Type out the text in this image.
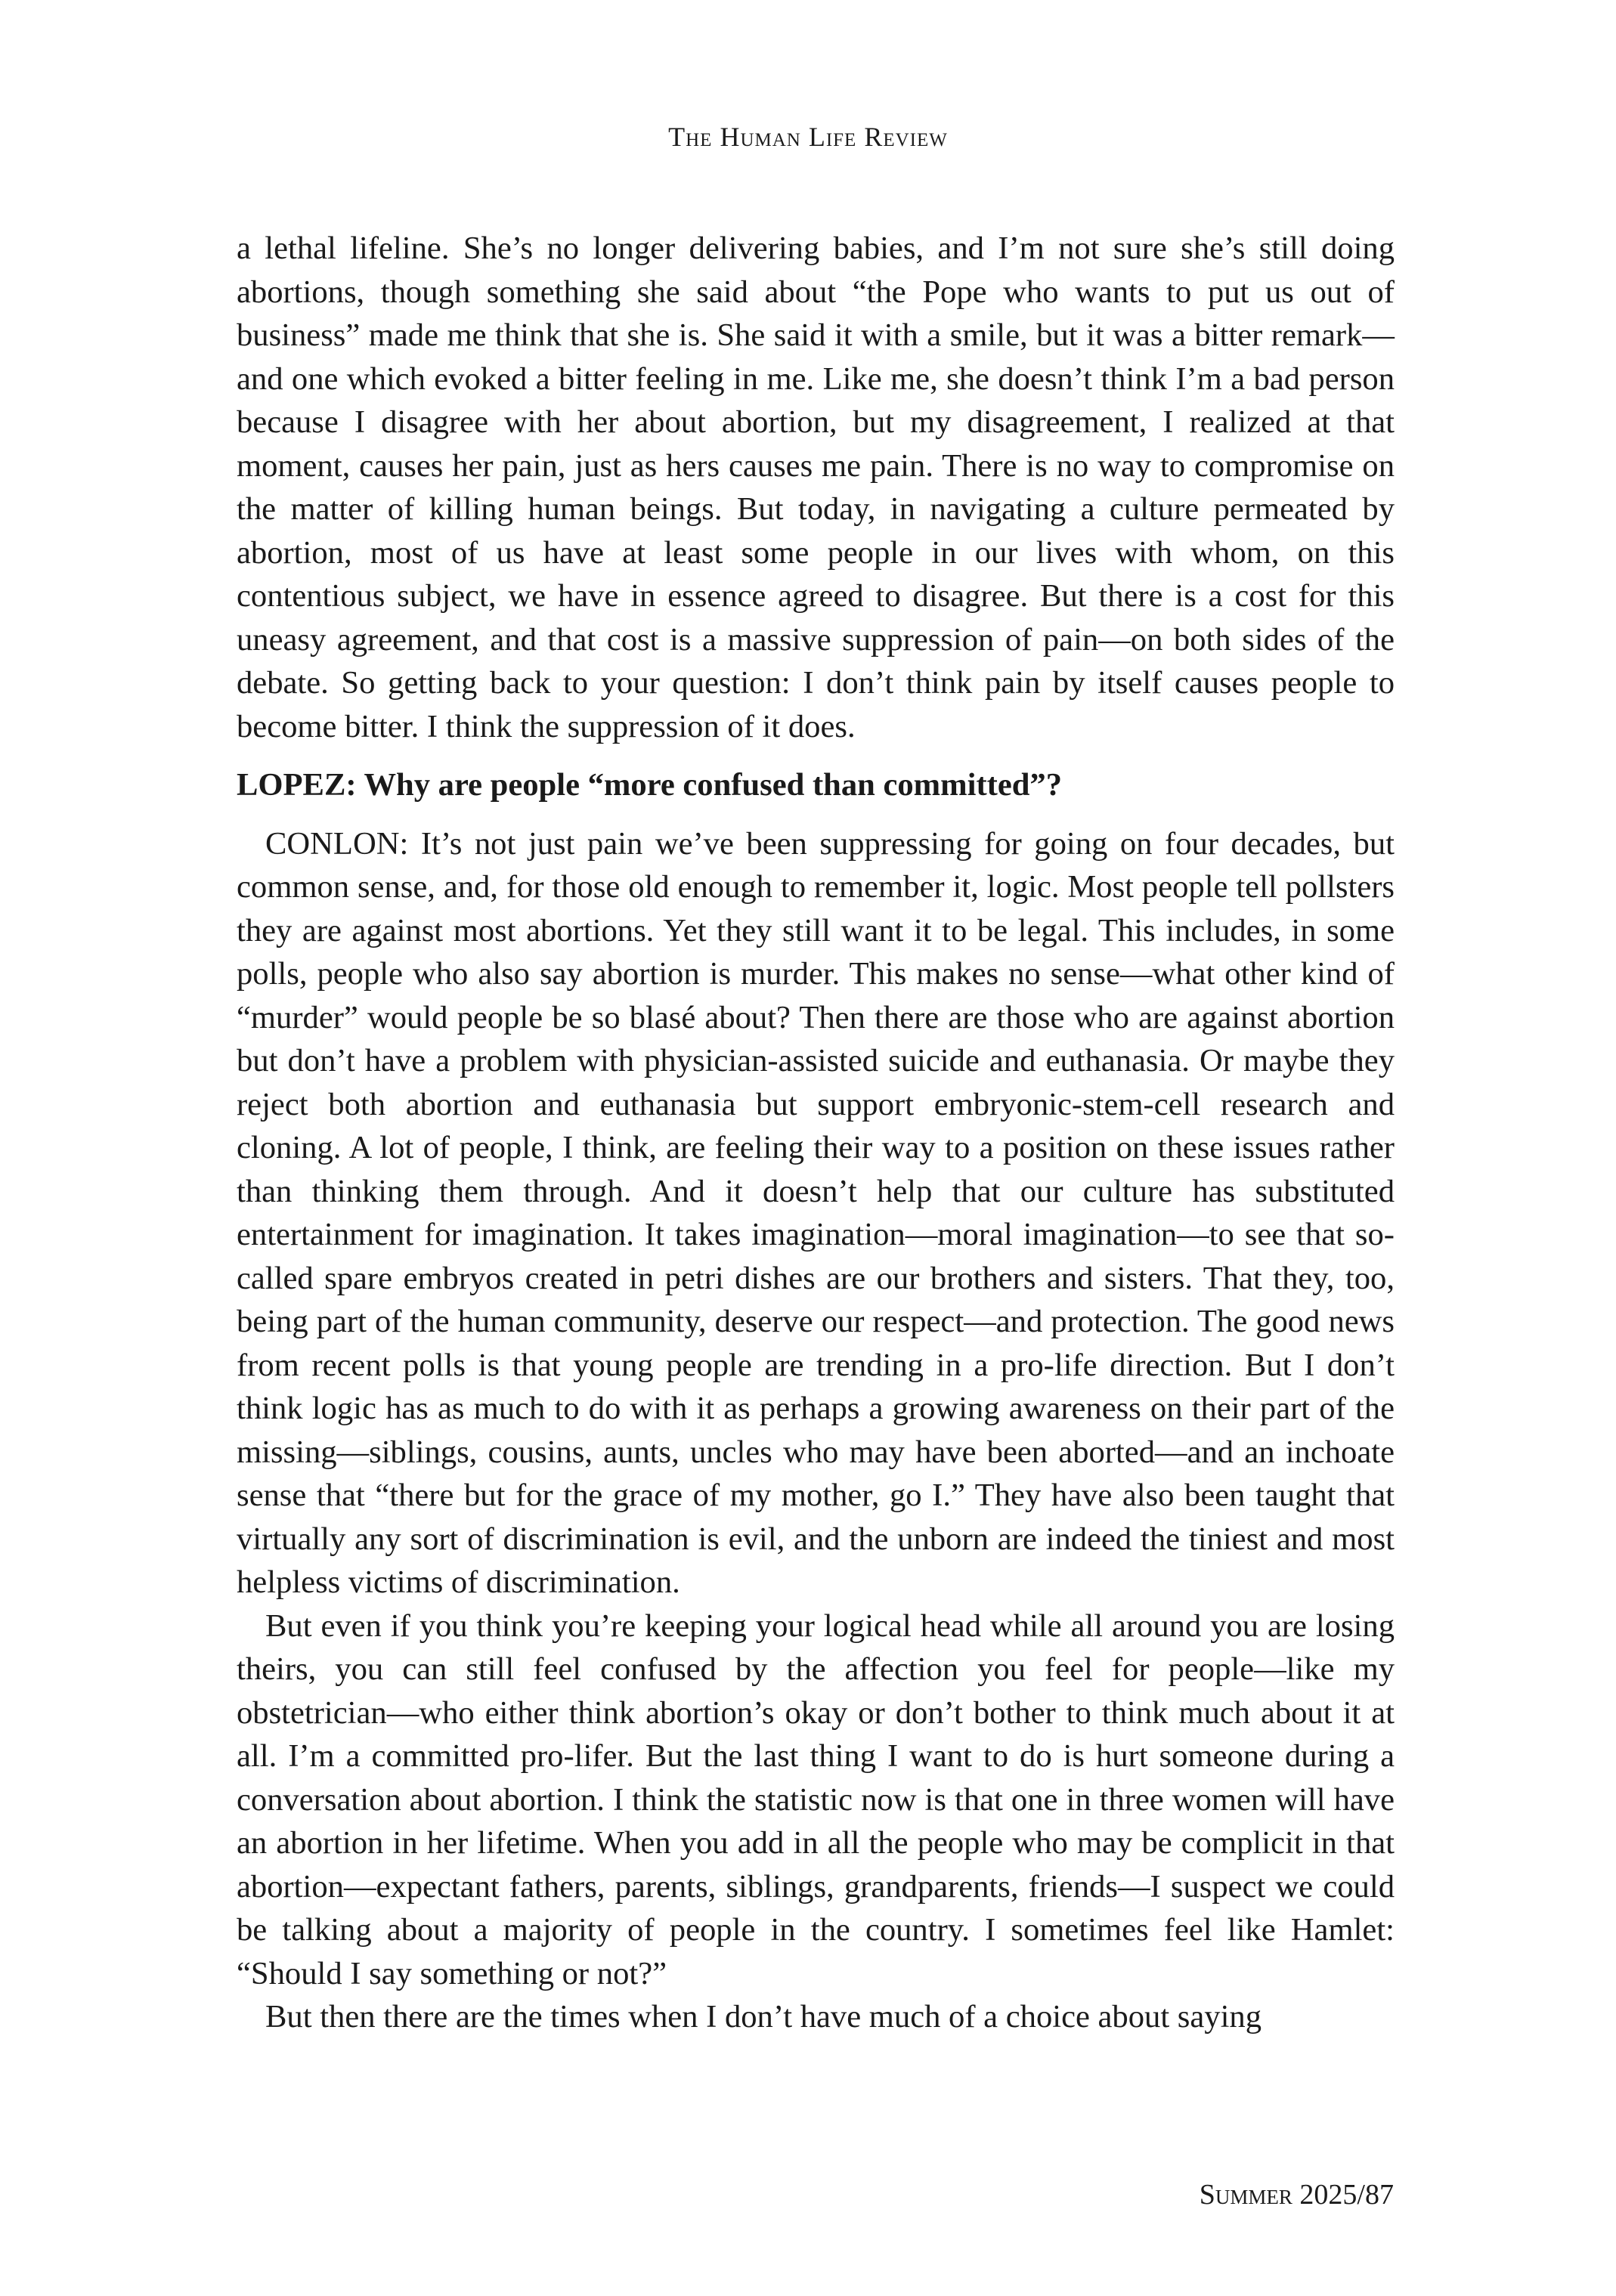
The Human Life Review

a lethal lifeline. She’s no longer delivering babies, and I’m not sure she’s still doing abortions, though something she said about “the Pope who wants to put us out of business” made me think that she is. She said it with a smile, but it was a bitter remark—and one which evoked a bitter feeling in me. Like me, she doesn’t think I’m a bad person because I disagree with her about abortion, but my disagreement, I realized at that moment, causes her pain, just as hers causes me pain. There is no way to compromise on the matter of killing human beings. But today, in navigating a culture permeated by abortion, most of us have at least some people in our lives with whom, on this contentious subject, we have in essence agreed to disagree. But there is a cost for this uneasy agreement, and that cost is a massive suppression of pain—on both sides of the debate. So getting back to your question: I don’t think pain by itself causes people to become bitter. I think the suppression of it does.

LOPEZ: Why are people “more confused than committed”?

CONLON: It’s not just pain we’ve been suppressing for going on four decades, but common sense, and, for those old enough to remember it, logic. Most people tell pollsters they are against most abortions. Yet they still want it to be legal. This includes, in some polls, people who also say abortion is murder. This makes no sense—what other kind of “murder” would people be so blasé about? Then there are those who are against abortion but don’t have a problem with physician-assisted suicide and euthanasia. Or maybe they reject both abortion and euthanasia but support embryonic-stem-cell research and cloning. A lot of people, I think, are feeling their way to a position on these issues rather than thinking them through. And it doesn’t help that our culture has substituted entertainment for imagination. It takes imagination—moral imagination—to see that so-called spare embryos created in petri dishes are our brothers and sisters. That they, too, being part of the human community, deserve our respect—and protection. The good news from recent polls is that young people are trending in a pro-life direction. But I don’t think logic has as much to do with it as perhaps a growing awareness on their part of the missing—siblings, cousins, aunts, uncles who may have been aborted—and an inchoate sense that “there but for the grace of my mother, go I.” They have also been taught that virtually any sort of discrimination is evil, and the unborn are indeed the tiniest and most helpless victims of discrimination.

But even if you think you’re keeping your logical head while all around you are losing theirs, you can still feel confused by the affection you feel for people—like my obstetrician—who either think abortion’s okay or don’t bother to think much about it at all. I’m a committed pro-lifer. But the last thing I want to do is hurt someone during a conversation about abortion. I think the statistic now is that one in three women will have an abortion in her lifetime. When you add in all the people who may be complicit in that abortion—expectant fathers, parents, siblings, grandparents, friends—I suspect we could be talking about a majority of people in the country. I sometimes feel like Hamlet: “Should I say something or not?”

But then there are the times when I don’t have much of a choice about saying

Summer 2025/87
